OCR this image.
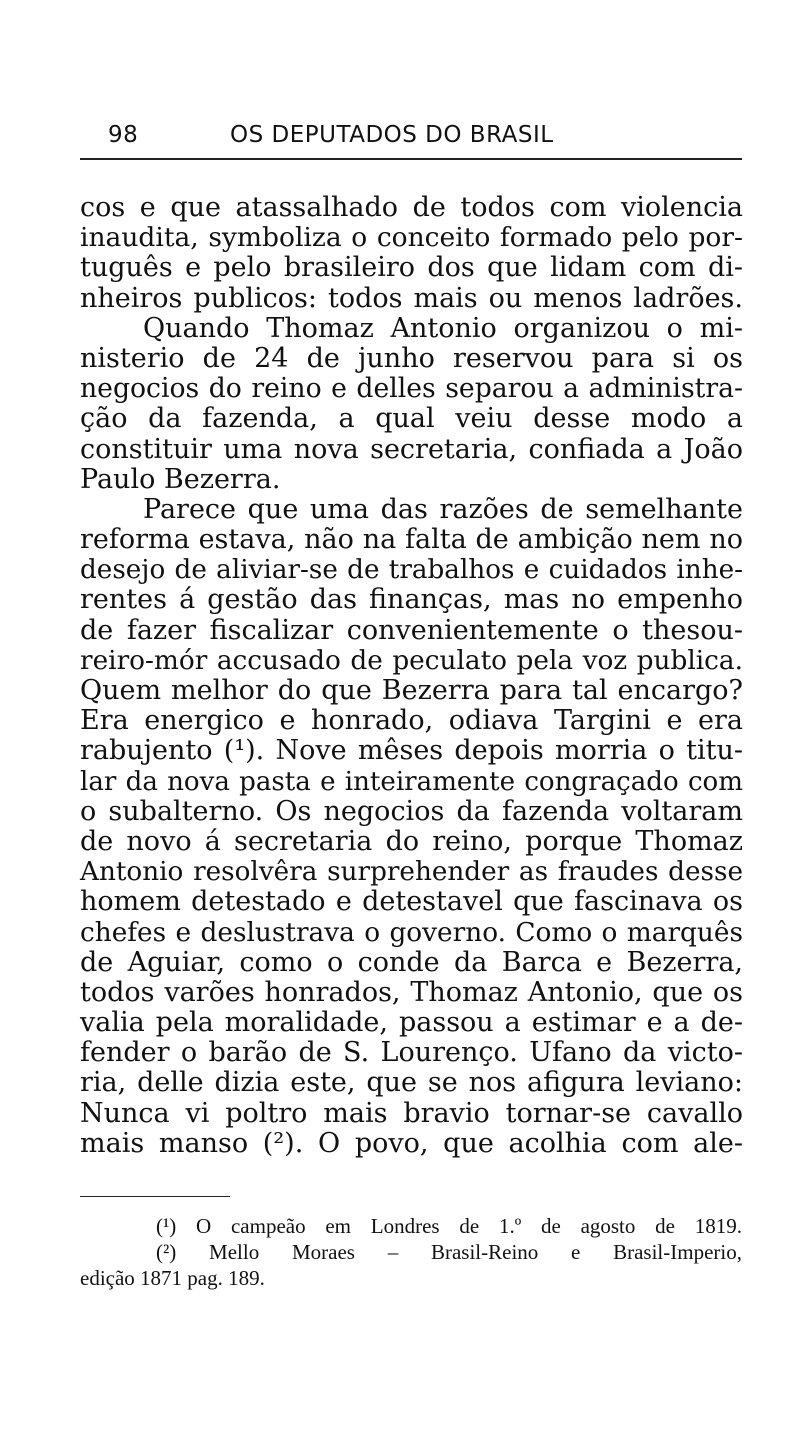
98	OS DEPUTADOS DO BRASIL
cos e que atassalhado de todos com violencia
inaudita, symboliza o conceito formado pelo por-
tuguês e pelo brasileiro dos que lidam com di-
nheiros publicos: todos mais ou menos ladrões.
Quando Thomaz Antonio organizou o mi-
nisterio de 24 de junho reservou para si os
negocios do reino e delles separou a administra-
ção da fazenda, a qual veiu desse modo a
constituir uma nova secretaria, confiada a João
Paulo Bezerra.
Parece que uma das razões de semelhante
reforma estava, não na falta de ambição nem no
desejo de aliviar-se de trabalhos e cuidados inhe-
rentes á gestão das finanças, mas no empenho
de fazer fiscalizar convenientemente o thesou-
reiro-mór accusado de peculato pela voz publica.
Quem melhor do que Bezerra para tal encargo?
Era energico e honrado, odiava Targini e era
rabujento (¹). Nove mêses depois morria o titu-
lar da nova pasta e inteiramente congraçado com
o subalterno. Os negocios da fazenda voltaram
de novo á secretaria do reino, porque Thomaz
Antonio resolvêra surprehender as fraudes desse
homem detestado e detestavel que fascinava os
chefes e deslustrava o governo. Como o marquês
de Aguiar, como o conde da Barca e Bezerra,
todos varões honrados, Thomaz Antonio, que os
valia pela moralidade, passou a estimar e a de-
fender o barão de S. Lourenço. Ufano da victo-
ria, delle dizia este, que se nos afigura leviano:
Nunca vi poltro mais bravio tornar-se cavallo
mais manso (²). O povo, que acolhia com ale-
(¹) O campeão em Londres de 1.º de agosto de 1819.
(²) Mello Moraes – Brasil-Reino e Brasil-Imperio,
edição 1871 pag. 189.
